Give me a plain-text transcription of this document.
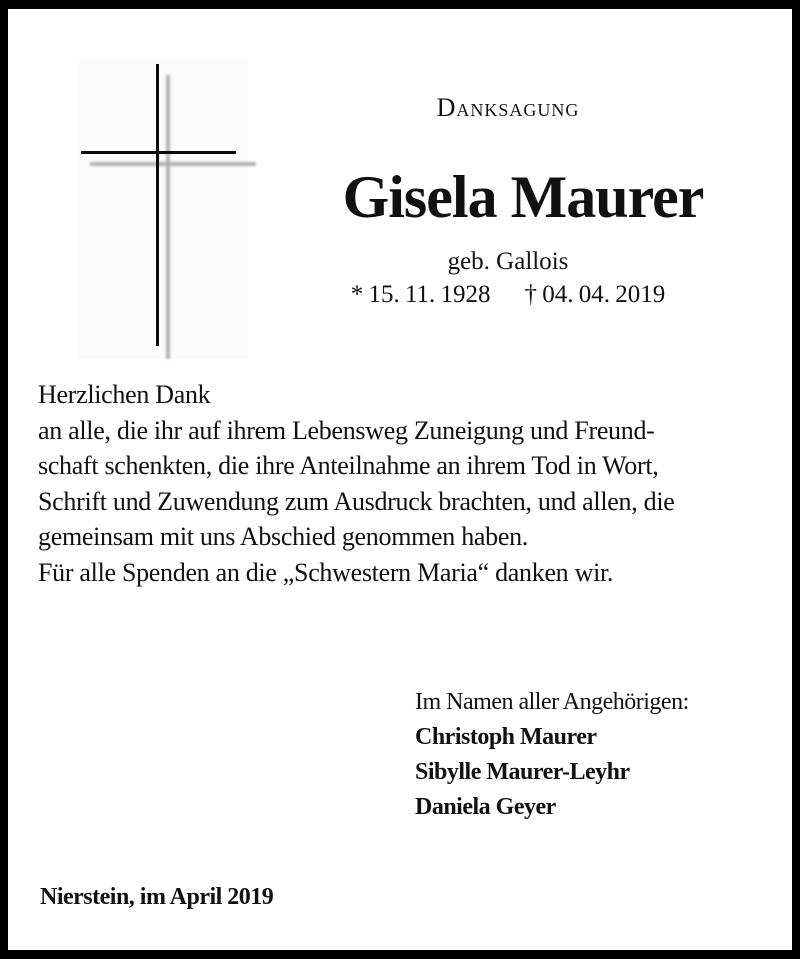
Danksagung
Gisela Maurer
geb. Gallois
* 15. 11. 1928 † 04. 04. 2019

Herzlichen Dank

an alle, die ihr auf ihrem Lebensweg Zuneigung und Freund-

schaft schenkten, die ihre Anteilnahme an ihrem Tod in Wort,

Schrift und Zuwendung zum Ausdruck brachten, und allen, die

gemeinsam mit uns Abschied genommen haben.

Für alle Spenden an die „Schwestern Maria“ danken wir.

Im Namen aller Angehörigen:
Christoph Maurer
Sibylle Maurer-Leyhr
Daniela Geyer
Nierstein, im April 2019
